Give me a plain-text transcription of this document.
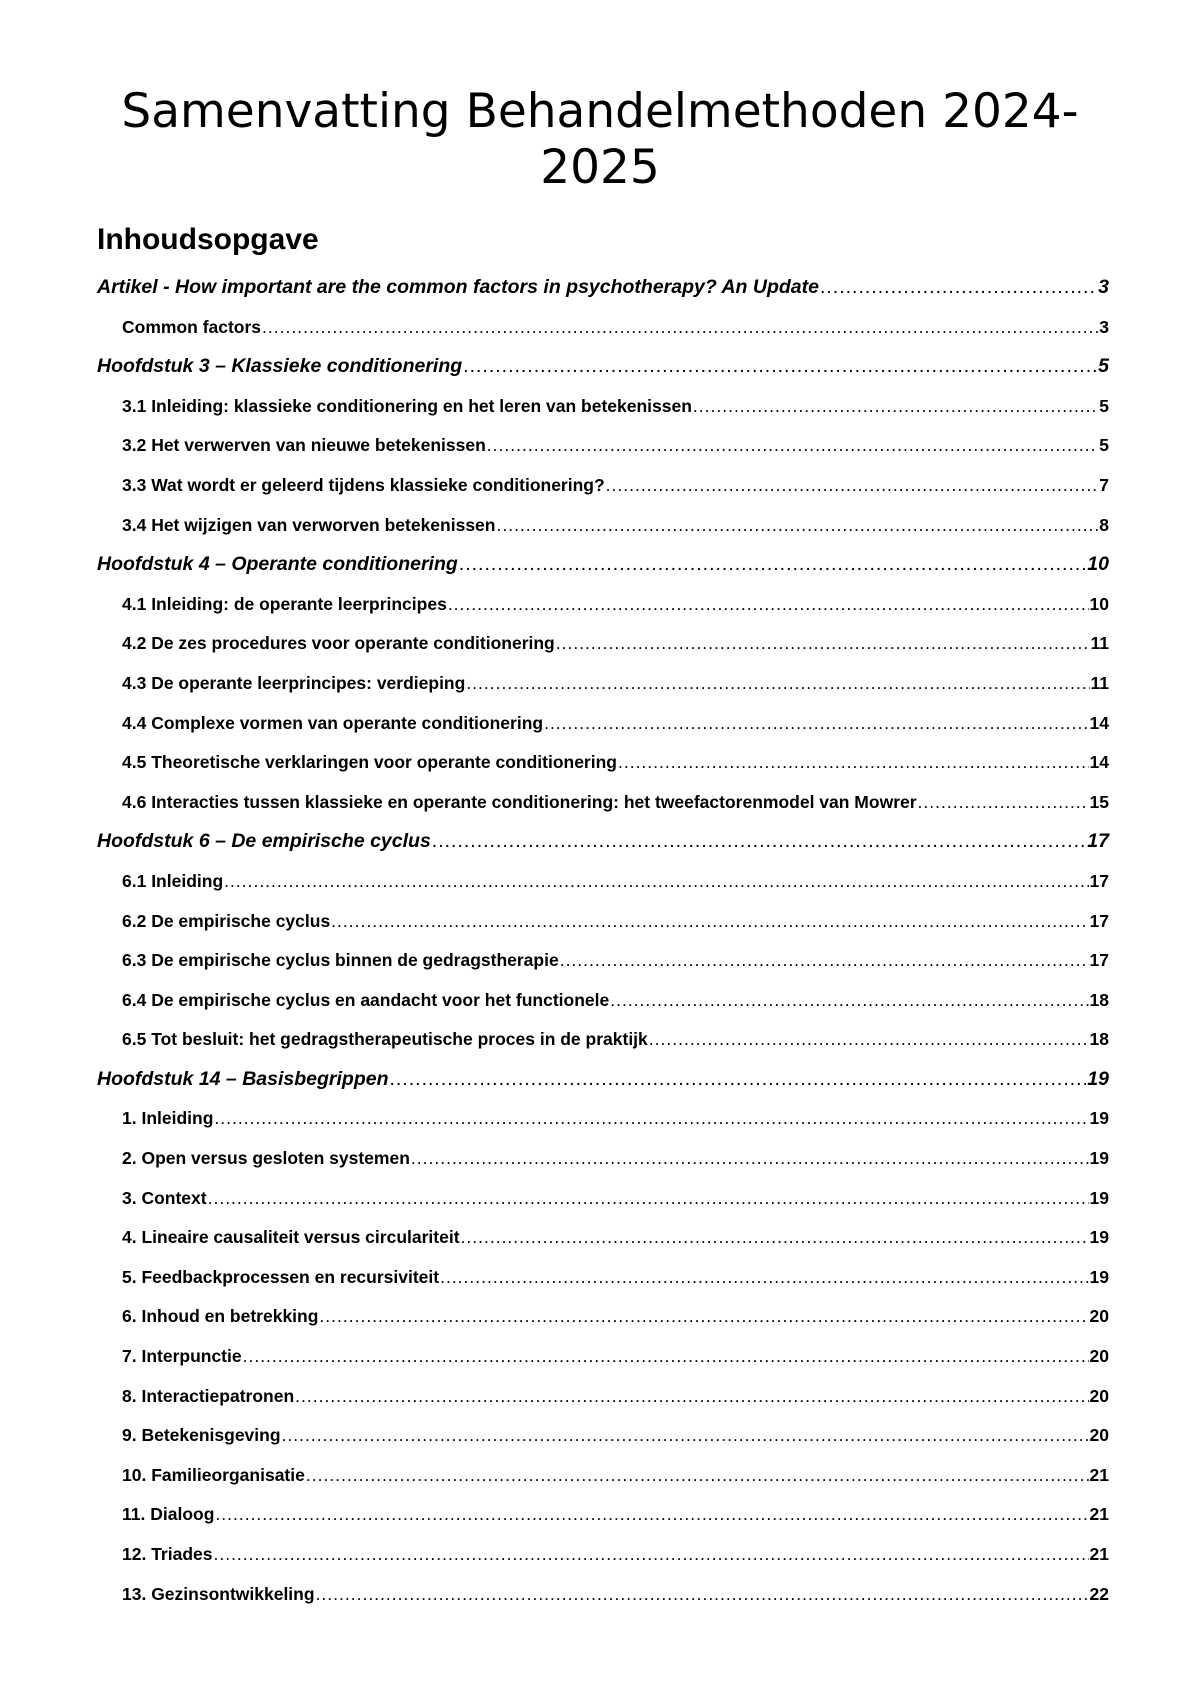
Samenvatting Behandelmethoden 2024-2025
Inhoudsopgave
Artikel - How important are the common factors in psychotherapy? An Update .....	3
Common factors .....	3
Hoofdstuk 3 – Klassieke conditionering .....	5
3.1 Inleiding: klassieke conditionering en het leren van betekenissen .....	5
3.2 Het verwerven van nieuwe betekenissen .....	5
3.3 Wat wordt er geleerd tijdens klassieke conditionering? .....	7
3.4 Het wijzigen van verworven betekenissen .....	8
Hoofdstuk 4 – Operante conditionering .....	10
4.1 Inleiding: de operante leerprincipes .....	10
4.2 De zes procedures voor operante conditionering .....	11
4.3 De operante leerprincipes: verdieping .....	11
4.4 Complexe vormen van operante conditionering .....	14
4.5 Theoretische verklaringen voor operante conditionering .....	14
4.6 Interacties tussen klassieke en operante conditionering: het tweefactorenmodel van Mowrer .....	15
Hoofdstuk 6 – De empirische cyclus .....	17
6.1 Inleiding .....	17
6.2 De empirische cyclus .....	17
6.3 De empirische cyclus binnen de gedragstherapie .....	17
6.4 De empirische cyclus en aandacht voor het functionele .....	18
6.5 Tot besluit: het gedragstherapeutische proces in de praktijk .....	18
Hoofdstuk 14 – Basisbegrippen .....	19
1. Inleiding .....	19
2. Open versus gesloten systemen .....	19
3. Context .....	19
4. Lineaire causaliteit versus circulariteit .....	19
5. Feedbackprocessen en recursiviteit .....	19
6. Inhoud en betrekking .....	20
7. Interpunctie .....	20
8. Interactiepatronen .....	20
9. Betekenisgeving .....	20
10. Familieorganisatie .....	21
11. Dialoog .....	21
12. Triades .....	21
13. Gezinsontwikkeling .....	22
